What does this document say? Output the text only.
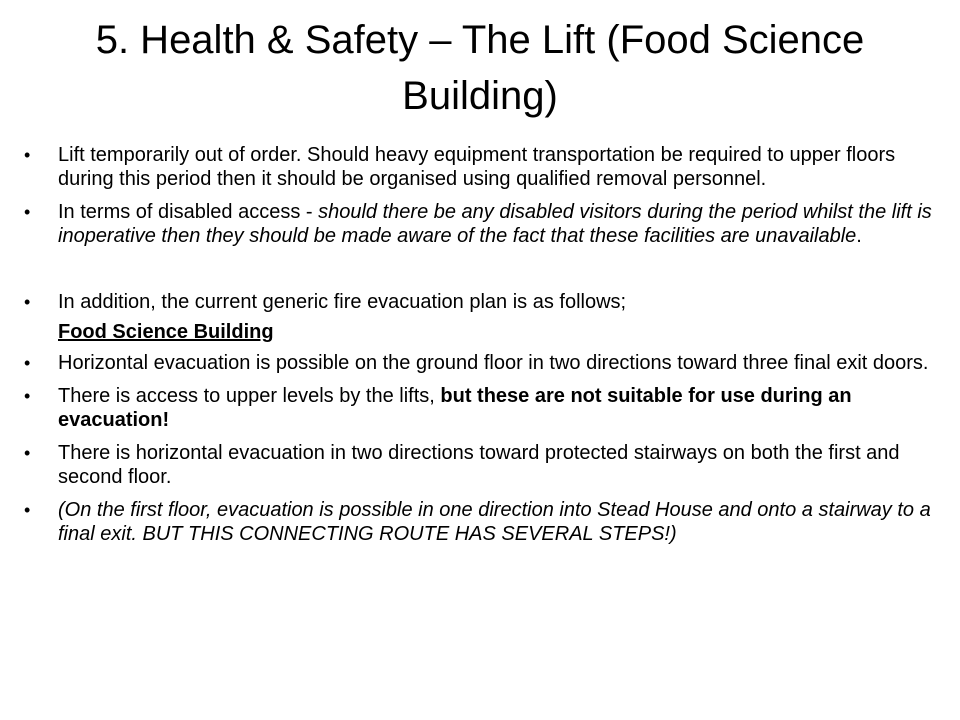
5. Health & Safety – The Lift (Food Science Building)
• Lift temporarily out of order. Should heavy equipment transportation be required to upper floors during this period then it should be organised using qualified removal personnel.
• In terms of disabled access - should there be any disabled visitors during the period whilst the lift is inoperative then they should be made aware of the fact that these facilities are unavailable.
• In addition, the current generic fire evacuation plan is as follows;
Food Science Building
• Horizontal evacuation is possible on the ground floor in two directions toward three final exit doors.
• There is access to upper levels by the lifts, but these are not suitable for use during an evacuation!
• There is horizontal evacuation in two directions toward protected stairways on both the first and second floor.
• (On the first floor, evacuation is possible in one direction into Stead House and onto a stairway to a final exit. BUT THIS CONNECTING ROUTE HAS SEVERAL STEPS!)
